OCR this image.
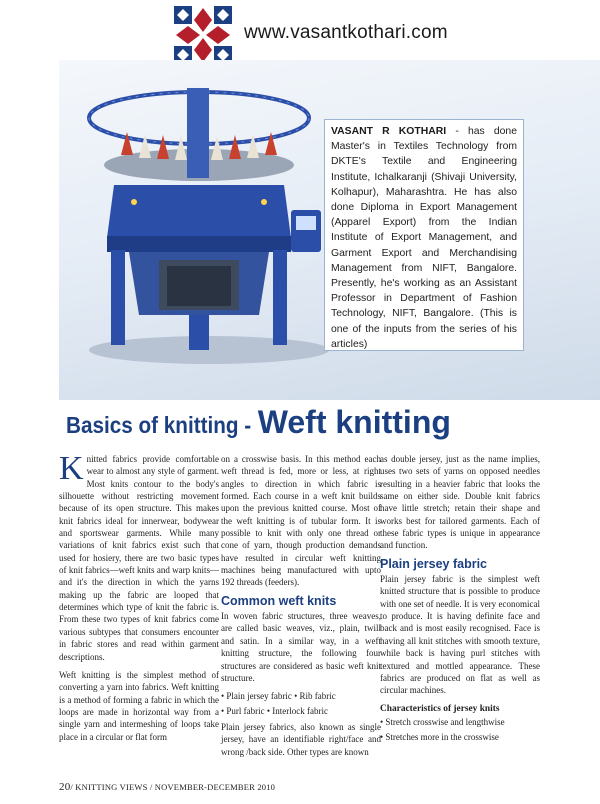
www.vasantkothari.com
VASANT R KOTHARI - has done Master's in Textiles Technology from DKTE's Textile and Engineering Institute, Ichalkaranji (Shivaji University, Kolhapur), Maharashtra. He has also done Diploma in Export Management (Apparel Export) from the Indian Institute of Export Management, and Garment Export and Merchandising Management from NIFT, Bangalore. Presently, he's working as an Assistant Professor in Department of Fashion Technology, NIFT, Bangalore. (This is one of the inputs from the series of his articles)
Basics of knitting -Weft knitting

Knitted fabrics provide comfortable wear to almost any style of garment. Most knits contour to the body's silhouette without restricting movement because of its open structure. This makes knit fabrics ideal for innerwear, bodywear and sportswear garments. While many variations of knit fabrics exist such that used for hosiery, there are two basic types of knit fabrics—weft knits and warp knits—and it's the direction in which the yarns making up the fabric are looped that determines which type of knit the fabric is. From these two types of knit fabrics come various subtypes that consumers encounter in fabric stores and read within garment descriptions.

Weft knitting is the simplest method of converting a yarn into fabrics. Weft knitting is a method of forming a fabric in which the loops are made in horizontal way from a single yarn and intermeshing of loops take place in a circular or flat form

on a crosswise basis. In this method each weft thread is fed, more or less, at right angles to direction in which fabric is formed. Each course in a weft knit builds upon the previous knitted course. Most of the weft knitting is of tubular form. It is possible to knit with only one thread or cone of yarn, though production demands have resulted in circular weft knitting machines being manufactured with upto 192 threads (feeders).

Common weft knits

In woven fabric structures, three weaves, are called basic weaves, viz., plain, twill and satin. In a similar way, in a weft knitting structure, the following four structures are considered as basic weft knit structure.

• Plain jersey fabric • Rib fabric

• Purl fabric • Interlock fabric

Plain jersey fabrics, also known as single jersey, have an identifiable right/face and wrong /back side. Other types are known

as double jersey, just as the name implies, uses two sets of yarns on opposed needles resulting in a heavier fabric that looks the same on either side. Double knit fabrics have little stretch; retain their shape and works best for tailored garments. Each of these fabric types is unique in appearance and function.

Plain jersey fabric

Plain jersey fabric is the simplest weft knitted structure that is possible to produce with one set of needle. It is very economical to produce. It is having definite face and back and is most easily recognised. Face is having all knit stitches with smooth texture, while back is having purl stitches with textured and mottled appearance. These fabrics are produced on flat as well as circular machines.

Characteristics of jersey knits
• Stretch crosswise and lengthwise
• Stretches more in the crosswise
20/ KNITTING VIEWS / NOVEMBER-DECEMBER 2010
